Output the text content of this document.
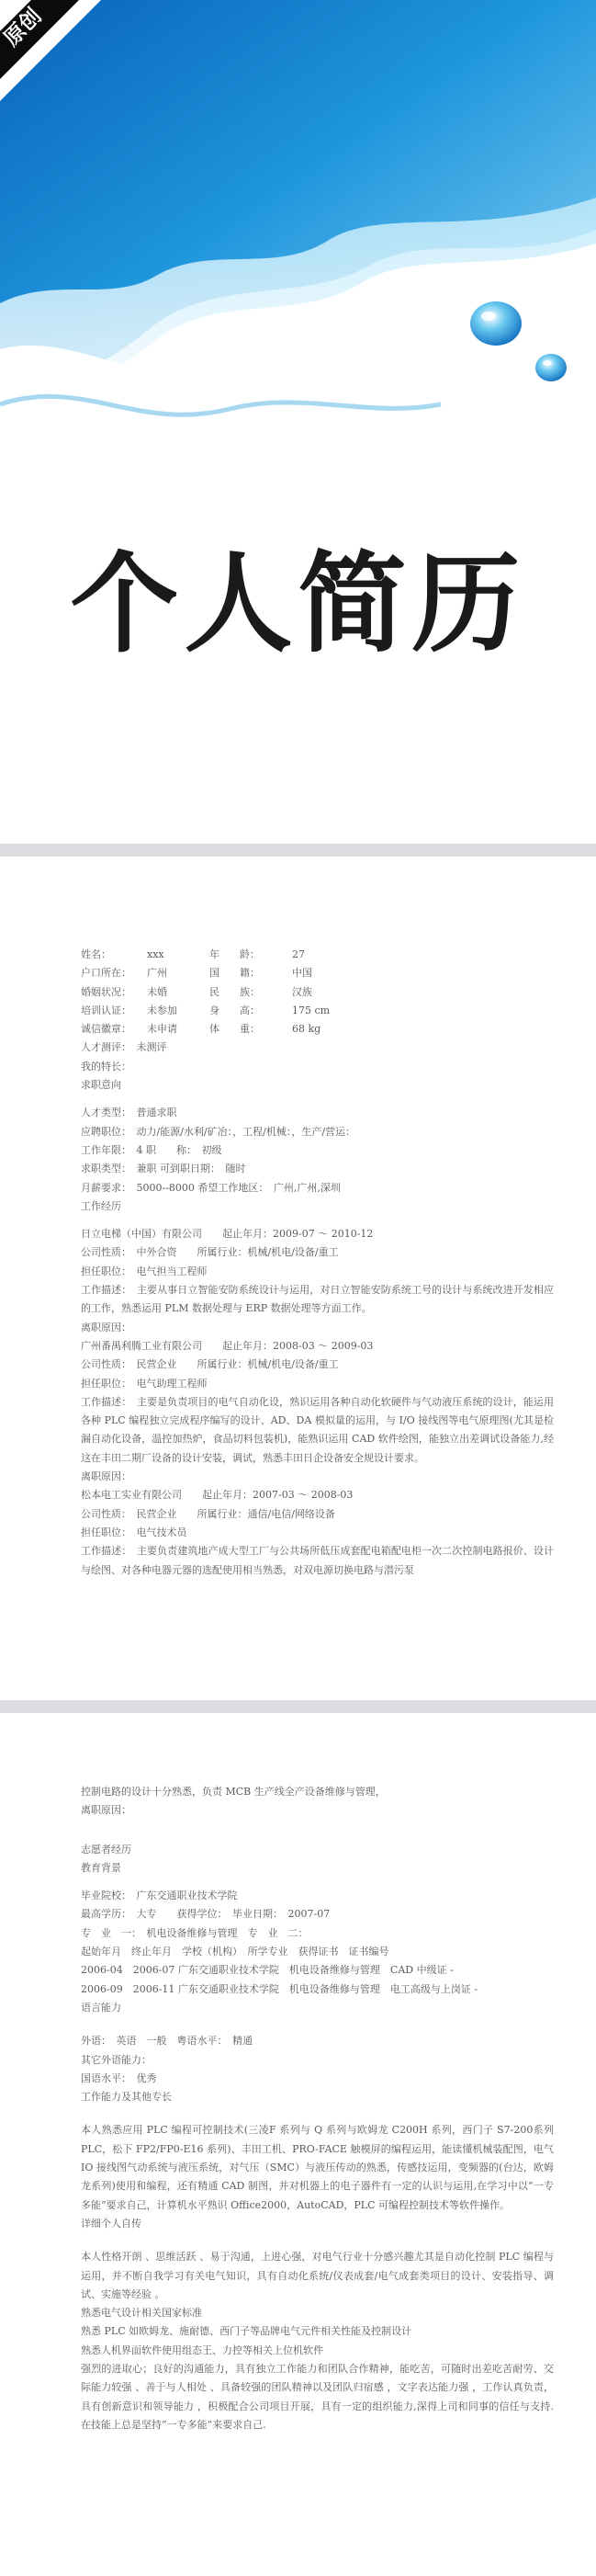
原创
个人简历
姓名：	xxx	年　　龄：	27
户口所在： 广州	国　　籍：	中国
婚姻状况： 未婚	民　　族：	汉族
培训认证： 未参加	身　　高：	175 cm
诚信徽章： 未申请	体　　重：	68 kg
人才测评：　未测评
我的特长：
求职意向
人才类型：　普通求职
应聘职位：　动力/能源/水利/矿冶：，工程/机械：，生产/营运：
工作年限：　4 职　　称：　初级
求职类型：　兼职 可到职日期：　随时
月薪要求：　5000--8000 希望工作地区：　广州,广州,深圳
工作经历
日立电梯（中国）有限公司　　起止年月：2009-07 ～ 2010-12
公司性质：　中外合资　　所属行业：机械/机电/设备/重工
担任职位：　电气担当工程师
工作描述：　主要从事日立智能安防系统设计与运用，对日立智能安防系统工号的设计与系统改进开发相应的工作，熟悉运用 PLM 数据处理与 ERP 数据处理等方面工作。
离职原因：
广州番禺利腾工业有限公司　　起止年月：2008-03 ～ 2009-03
公司性质：　民营企业　　所属行业：机械/机电/设备/重工
担任职位：　电气助理工程师
工作描述：　主要是负责项目的电气自动化设，熟识运用各种自动化软硬件与气动液压系统的设计，能运用各种 PLC 编程独立完成程序编写的设计、AD、DA 模拟量的运用，与 I/O 接线图等电气原理图(尤其是检漏自动化设备，温控加热炉，食品切料包装机)，能熟识运用 CAD 软件绘图，能独立出差调试设备能力,经这在丰田二期厂设备的设计安装，调试，熟悉丰田日企设备安全规设计要求。
离职原因：
松本电工实业有限公司　　起止年月：2007-03 ～ 2008-03
公司性质：　民营企业　　所属行业：通信/电信/网络设备
担任职位：　电气技术员
工作描述：　主要负责建筑地产成大型工厂与公共场所低压成套配电箱配电柜一次二次控制电路报价、设计与绘图、对各种电器元器的选配使用相当熟悉，对双电源切换电路与潜污泵
控制电路的设计十分熟悉，负责 MCB 生产线全产设备维修与管理，
离职原因：
志愿者经历
教育背景
毕业院校：　广东交通职业技术学院
最高学历：　大专　　获得学位：　毕业日期：　2007-07
专　业　一：　机电设备维修与管理　专　业　二：
起始年月　终止年月　学校（机构）　所学专业　获得证书　证书编号
2006-04　2006-07 广东交通职业技术学院　机电设备维修与管理　CAD 中级证 -
2006-09　2006-11 广东交通职业技术学院　机电设备维修与管理　电工高级与上岗证 -
语言能力
外语：　英语　一般　粤语水平：　精通
其它外语能力：
国语水平：　优秀
工作能力及其他专长
本人熟悉应用 PLC 编程可控制技术(三凌F 系列与 Q 系列与欧姆龙 C200H 系列，西门子 S7-200系列 PLC，松下 FP2/FP0-E16 系列)、丰田工机、PRO-FACE 触模屏的编程运用，能读懂机械装配图，电气 IO 接线图气动系统与液压系统，对气压（SMC）与液压传动的熟悉，传感技运用，变频器的(台达，欧姆龙系列)使用和编程，还有精通 CAD 制图，并对机器上的电子器件有一定的认识与运用,在学习中以“一专多能”要求自己，计算机水平熟识 Office2000，AutoCAD，PLC 可编程控制技术等软件操作。
详细个人自传
本人性格开朗 、思维活跃 、易于沟通，上进心强，对电气行业十分感兴趣尤其是自动化控制 PLC 编程与运用，并不断自我学习有关电气知识，具有自动化系统/仪表成套/电气成套类项目的设计、安装指导、调试、实施等经验 。
熟悉电气设计相关国家标准
熟悉 PLC 如欧姆龙、施耐德、西门子等品牌电气元件相关性能及控制设计
熟悉人机界面软件使用组态王、力控等相关上位机软件
强烈的进取心；良好的沟通能力，具有独立工作能力和团队合作精神，能吃苦，可随时出差吃苦耐劳、交际能力较强 、善于与人相处 、具备较强的团队精神以及团队归宿感 ，文字表达能力强 ，工作认真负责，具有创新意识和领导能力 ，积极配合公司项目开展，具有一定的组织能力,深得上司和同事的信任与支持.在技能上总是坚持“一专多能”来要求自己.
